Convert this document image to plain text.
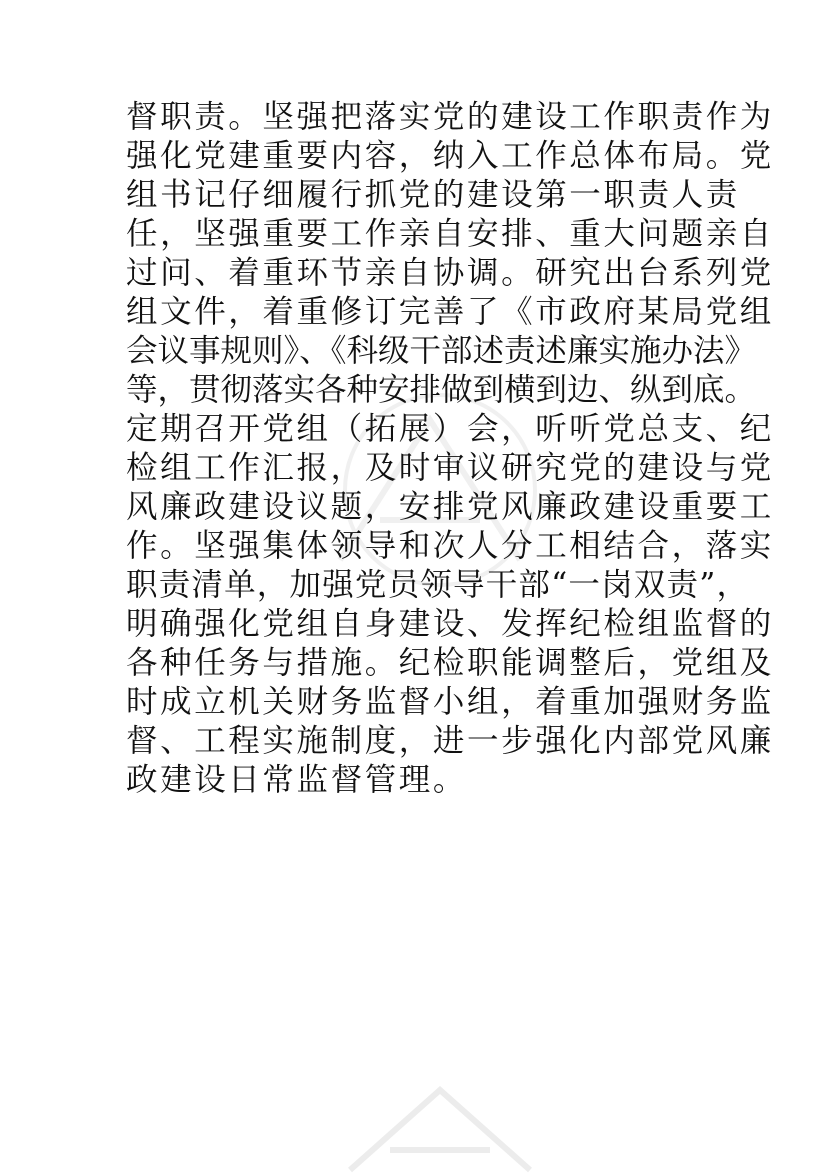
督职责。坚强把落实党的建设工作职责作为

强化党建重要内容，纳入工作总体布局。党

组书记仔细履行抓党的建设第一职责人责

任，坚强重要工作亲自安排、重大问题亲自

过问、着重环节亲自协调。研究出台系列党

组文件，着重修订完善了《市政府某局党组

会议事规则》、《科级干部述责述廉实施办法》

等，贯彻落实各种安排做到横到边、纵到底。

定期召开党组（拓展）会，听听党总支、纪

检组工作汇报，及时审议研究党的建设与党

风廉政建设议题，安排党风廉政建设重要工

作。坚强集体领导和次人分工相结合，落实

职责清单，加强党员领导干部“一岗双责”，

明确强化党组自身建设、发挥纪检组监督的

各种任务与措施。纪检职能调整后，党组及

时成立机关财务监督小组，着重加强财务监

督、工程实施制度，进一步强化内部党风廉

政建设日常监督管理。
